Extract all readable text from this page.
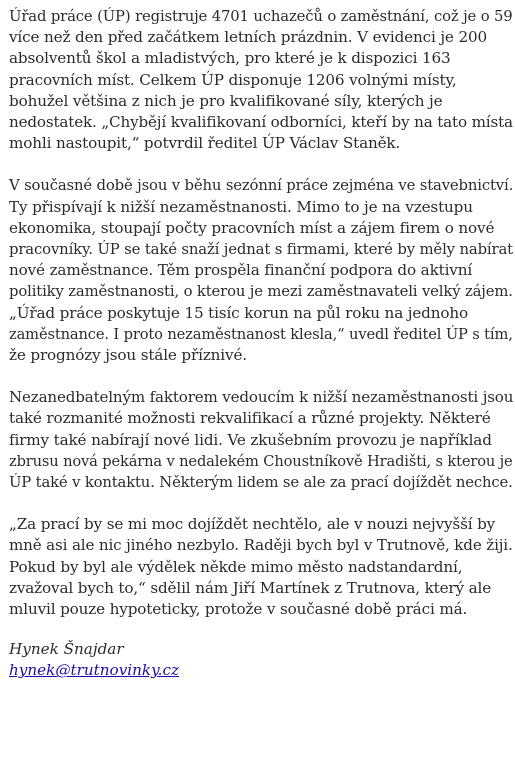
Úřad práce (ÚP) registruje 4701 uchazečů o zaměstnání, což je o 59
více než den před začátkem letních prázdnin. V evidenci je 200
absolventů škol a mladistvých, pro které je k dispozici 163
pracovních míst. Celkem ÚP disponuje 1206 volnými místy,
bohužel většina z nich je pro kvalifikované síly, kterých je
nedostatek. „Chybějí kvalifikovaní odborníci, kteří by na tato místa
mohli nastoupit,“ potvrdil ředitel ÚP Václav Staněk.

V současné době jsou v běhu sezónní práce zejména ve stavebnictví.
Ty přispívají k nižší nezaměstnanosti. Mimo to je na vzestupu
ekonomika, stoupají počty pracovních míst a zájem firem o nové
pracovníky. ÚP se také snaží jednat s firmami, které by měly nabírat
nové zaměstnance. Těm prospěla finanční podpora do aktivní
politiky zaměstnanosti, o kterou je mezi zaměstnavateli velký zájem.
„Úřad práce poskytuje 15 tisíc korun na půl roku na jednoho
zaměstnance. I proto nezaměstnanost klesla,“ uvedl ředitel ÚP s tím,
že prognózy jsou stále příznivé.

Nezanedbatelným faktorem vedoucím k nižší nezaměstnanosti jsou
také rozmanité možnosti rekvalifikací a různé projekty. Některé
firmy také nabírají nové lidi. Ve zkušebním provozu je například
zbrusu nová pekárna v nedalekém Choustníkově Hradišti, s kterou je
ÚP také v kontaktu. Některým lidem se ale za prací dojíždět nechce.

„Za prací by se mi moc dojíždět nechtělo, ale v nouzi nejvyšší by
mně asi ale nic jiného nezbylo. Raději bych byl v Trutnově, kde žiji.
Pokud by byl ale výdělek někde mimo město nadstandardní,
zvažoval bych to,“ sdělil nám Jiří Martínek z Trutnova, který ale
mluvil pouze hypoteticky, protože v současné době práci má.

Hynek Šnajdar
hynek@trutnovinky.cz
